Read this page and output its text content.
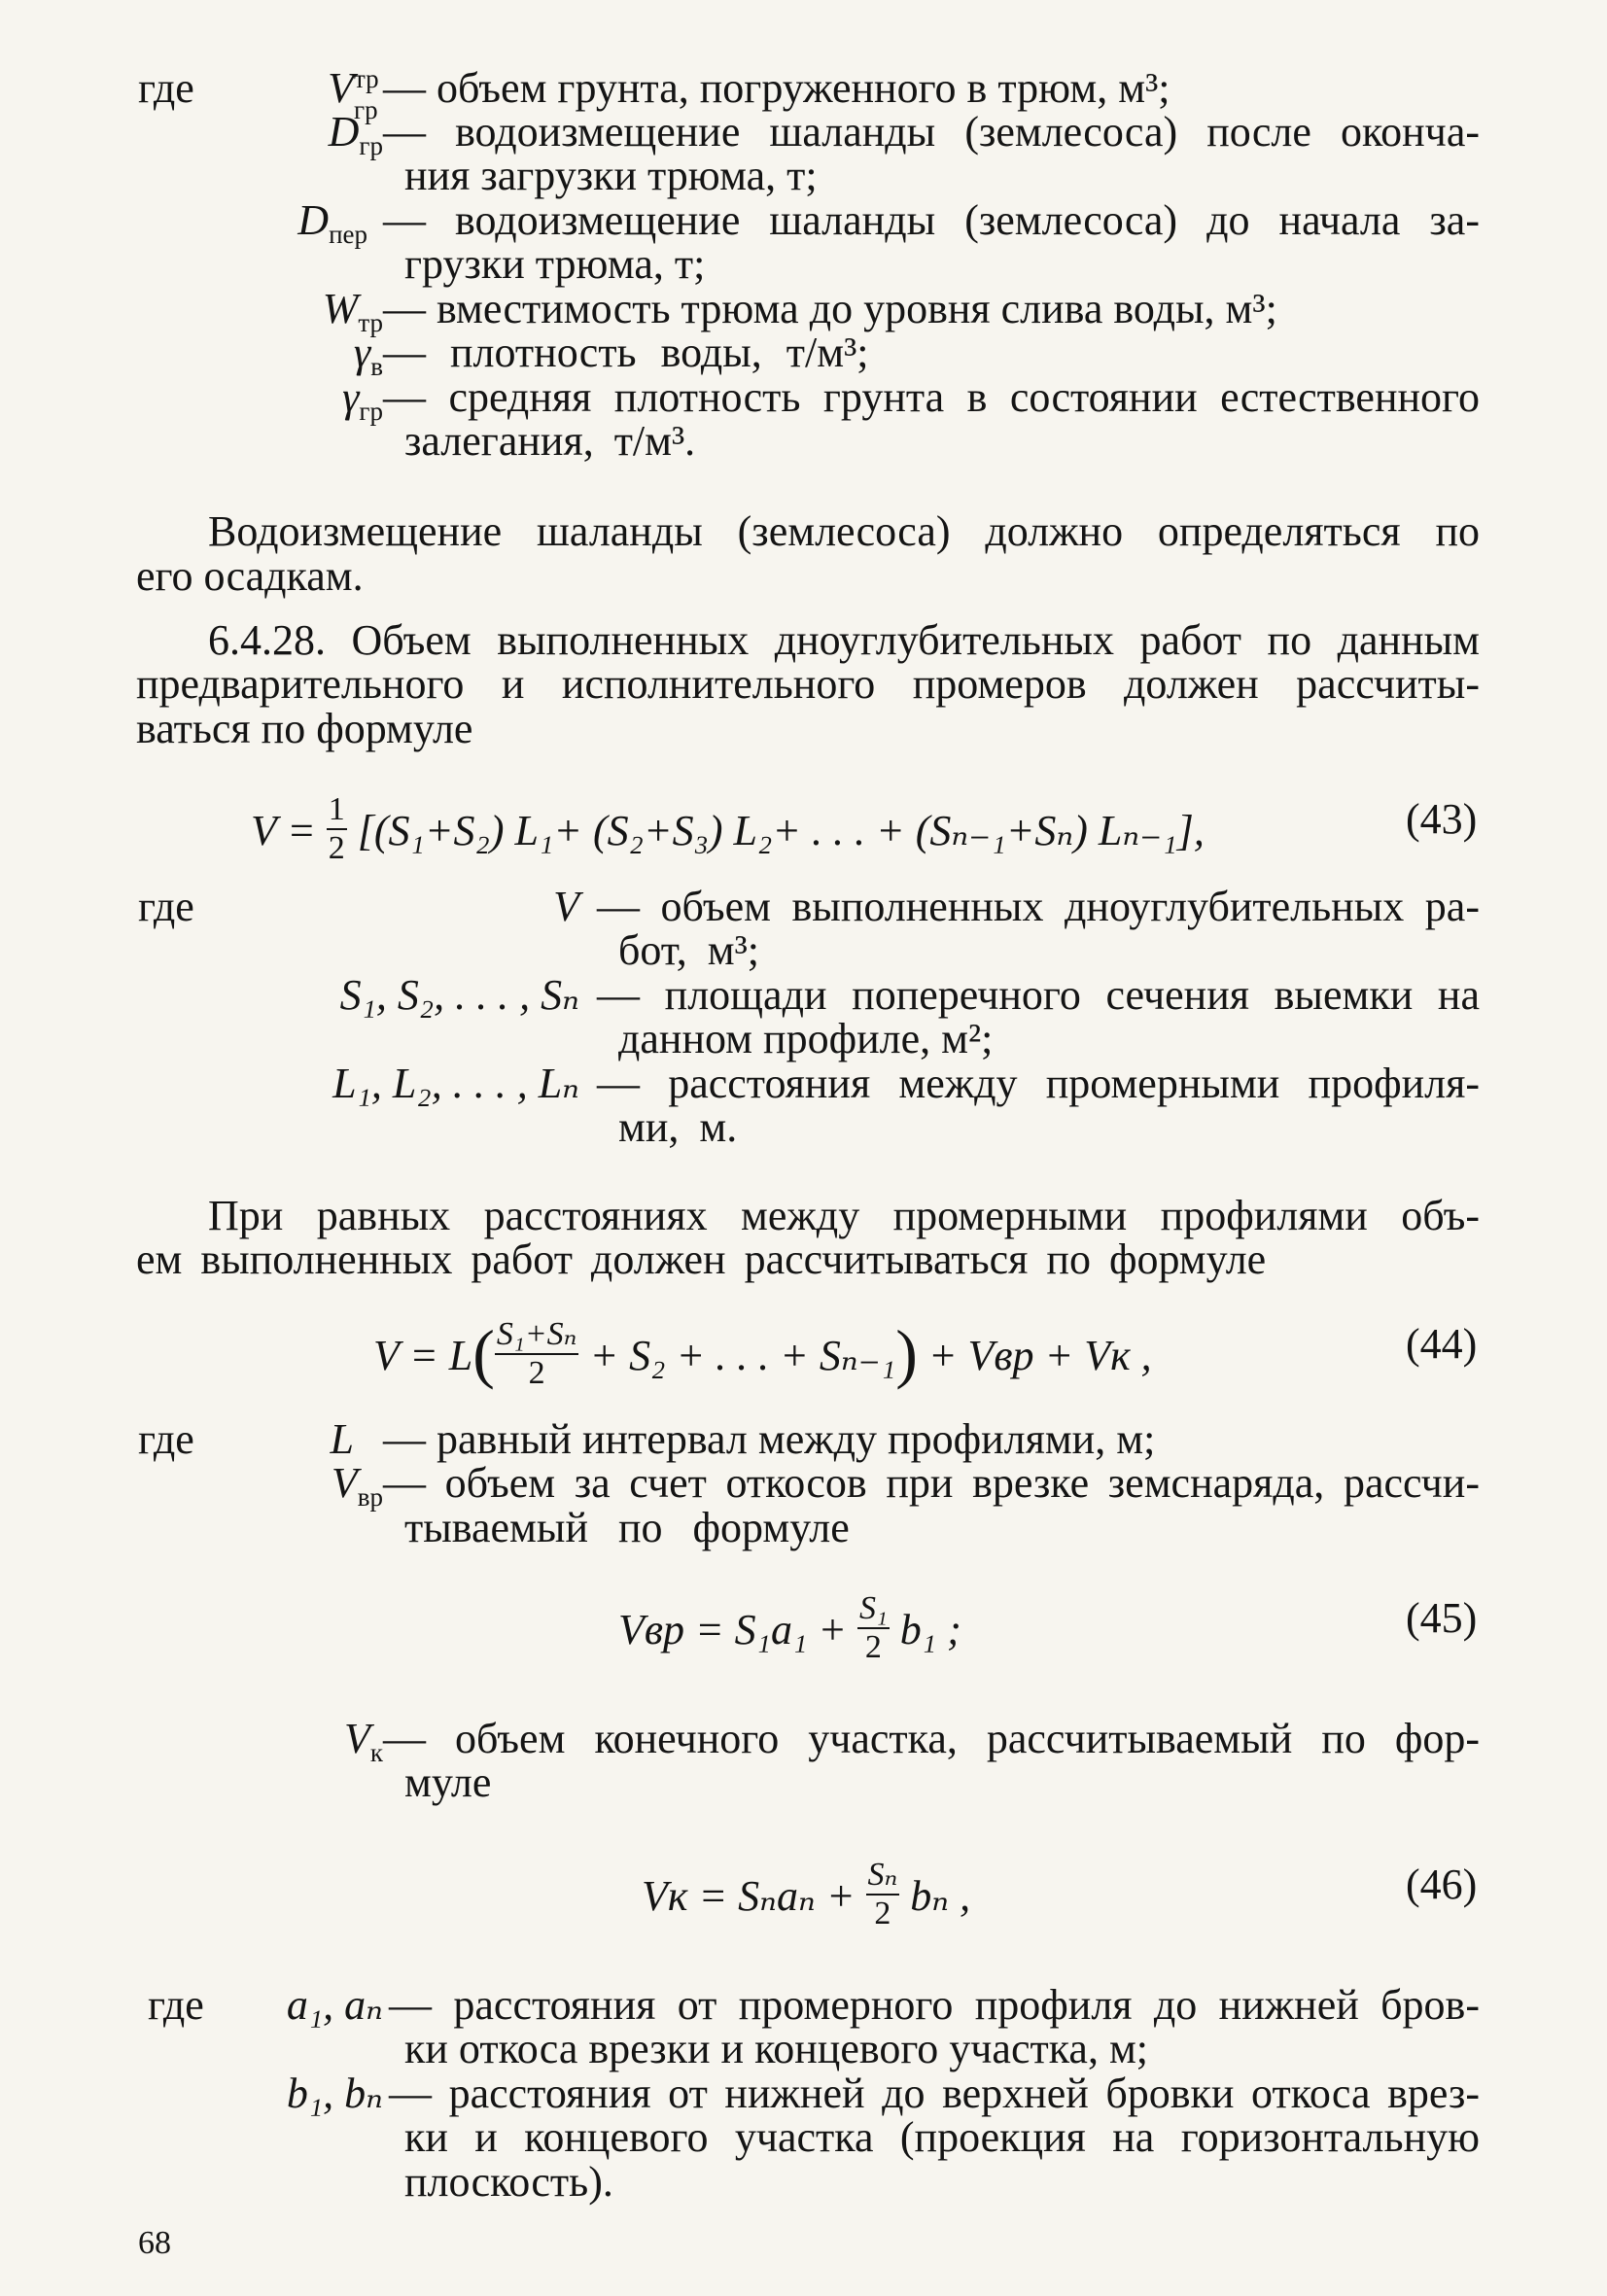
где	V тр
гр — объем грунта, погруженного в трюм, м³;
$D_{гр}$ — водоизмещение шаланды (землесоса) после оконча-
ния загрузки трюма, т;
$D_{пер}$ — водоизмещение шаланды (землесоса) до начала за-
грузки трюма, т;
$W_{тр}$ — вместимость трюма до уровня слива воды, м³;
$\gamma_в$ — плотность воды, т/м³;
$\gamma_{гр}$ — средняя плотность грунта в состоянии естественного
залегания, т/м³.
Водоизмещение шаланды (землесоса) должно определяться по
его осадкам.
6.4.28. Объем выполненных дноуглубительных работ по данным
предварительного и исполнительного промеров должен рассчиты-
ваться по формуле
$V = \frac{1}{2} [(S_1+S_2)$ L₁+ (S₂+S₃) L₂+ . . . + (Sₙ₋₁+Sₙ) Lₙ₋₁],	(43)
где	V — объем выполненных дноуглубительных ра-
бот, м³;
S₁, S₂, . . . , Sₙ — площади поперечного сечения выемки на
данном профиле, м²;
L₁, L₂, . . . , Lₙ — расстояния между промерными профиля-
ми, м.
При равных расстояниях между промерными профилями объ-
ем выполненных работ должен рассчитываться по формуле
$V = L( \frac{\text{S₁+Sₙ}}{2} + S_2$ + . . . + Sₙ₋₁) + Vвр + Vк ,	(44)
где	L — равный интервал между профилями, м;
$V_{вр}$ — объем за счет откосов при врезке земснаряда, рассчи-
тываемый по формуле
Vвр = $S_1a_1 + \frac{\text{S₁}}{2} b_1$ ;	(45)
$V_к$ — объем конечного участка, рассчитываемый по фор-
муле
Vк = $S_na_n + \frac{\text{Sₙ}}{2}$ bₙ ,	(46)
где	a₁, aₙ — расстояния от промерного профиля до нижней бров-
ки откоса врезки и концевого участка, м;
b₁, bₙ — расстояния от нижней до верхней бровки откоса врез-
ки и концевого участка (проекция на горизонтальную
плоскость).
68
